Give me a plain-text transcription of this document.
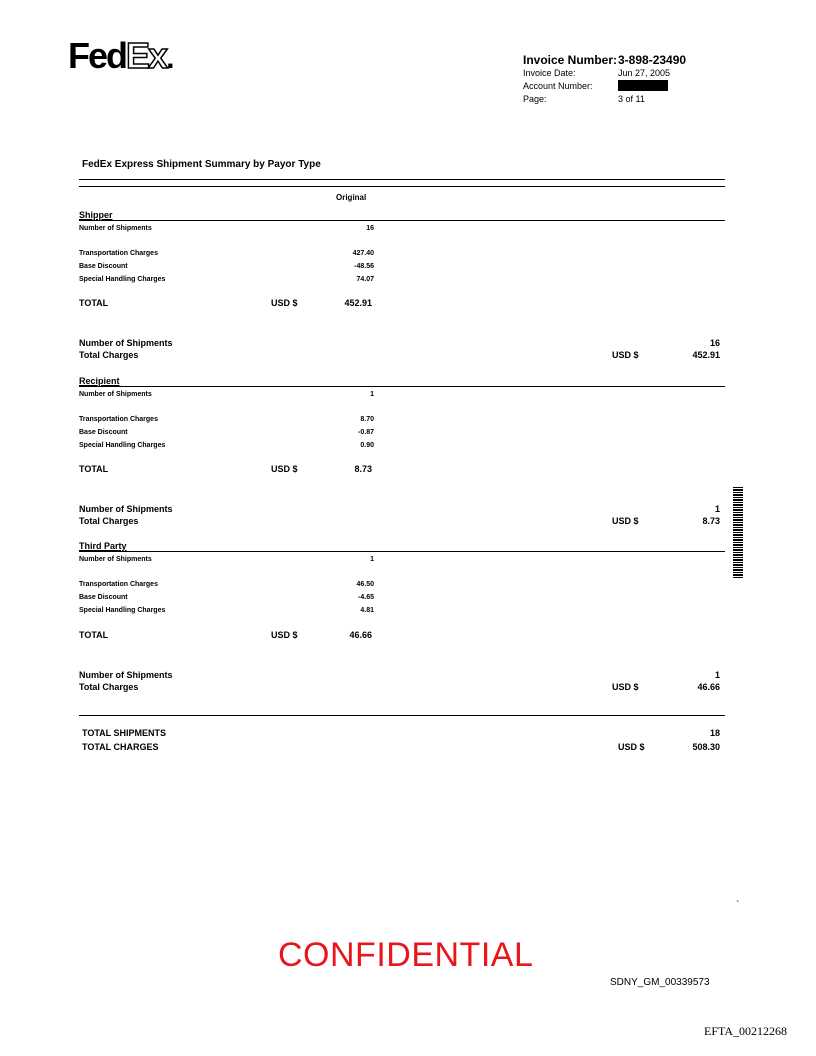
FedEx.	Invoice Number: 3-898-23490
Invoice Date:	Jun 27, 2005
Account Number:
Page:	3 of 11
FedEx Express Shipment Summary by Payor Type
Original
Shipper
Number of Shipments	16
Transportation Charges	427.40
Base Discount	-48.56
Special Handling Charges	74.07
TOTAL	USD $	452.91
Number of Shipments	16
Total Charges	USD $	452.91
Recipient
Number of Shipments	1
Transportation Charges	8.70
Base Discount	-0.87
Special Handling Charges	0.90
TOTAL	USD $	8.73
Number of Shipments	1
Total Charges	USD $	8.73
Third Party
Number of Shipments	1
Transportation Charges	46.50
Base Discount	-4.65
Special Handling Charges	4.81
TOTAL	USD $	46.66
Number of Shipments	1
Total Charges	USD $	46.66
TOTAL SHIPMENTS	18
TOTAL CHARGES	USD $	508.30
`
CONFIDENTIAL
SDNY_GM_00339573
EFTA_00212268
